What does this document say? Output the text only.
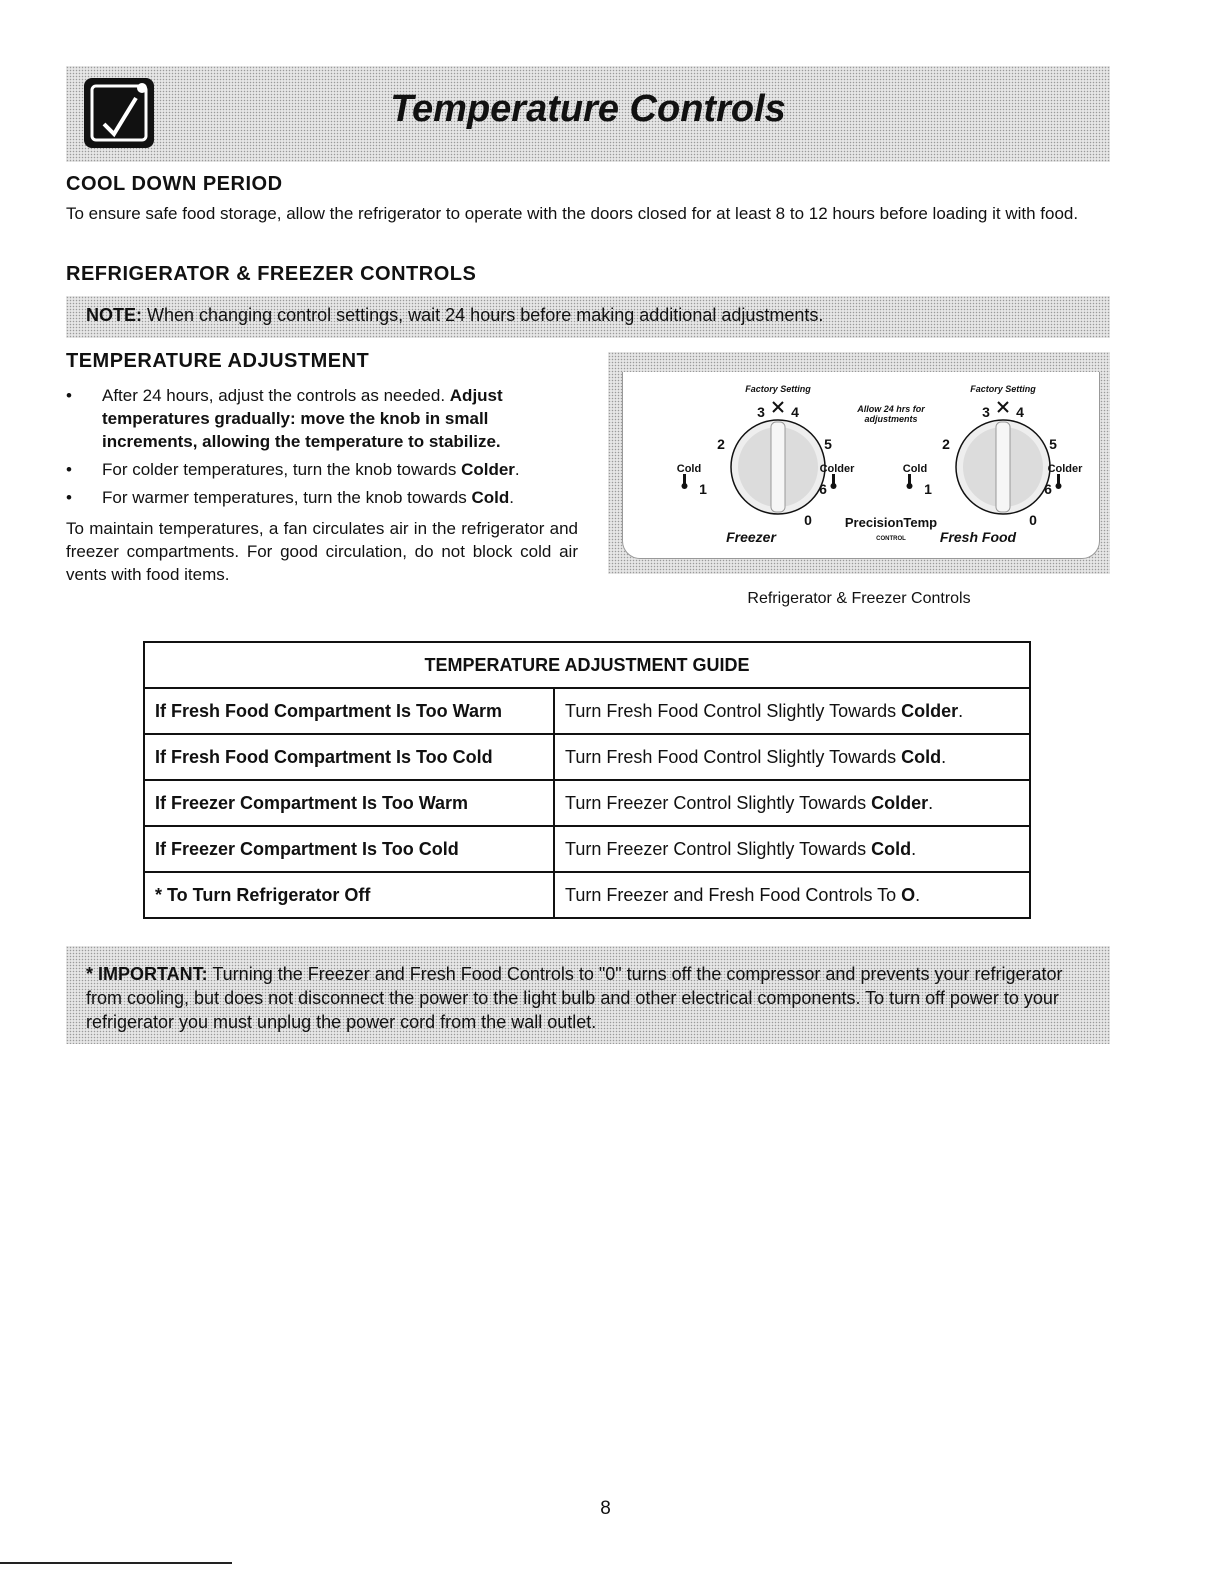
Temperature Controls
COOL DOWN PERIOD

To ensure safe food storage, allow the refrigerator to operate with the doors closed for at least 8 to 12 hours before loading it with food.

REFRIGERATOR & FREEZER CONTROLS
NOTE: When changing control settings, wait 24 hours before making additional adjustments.
TEMPERATURE ADJUSTMENT
• After 24 hours, adjust the controls as needed. Adjust temperatures gradually: move the knob in small increments, allowing the temperature to stabilize.
• For colder temperatures, turn the knob towards Colder.
• For warmer temperatures, turn the knob towards Cold.

To maintain temperatures, a fan circulates air in the refrigerator and freezer compartments. For good circulation, do not block cold air vents with food items.

Factory Setting	Factory Setting
Allow 24 hrs for
adjustments
Cold	Colder	Cold	Colder
Freezer	Fresh Food
PrecisionTemp
CONTROL
3 4
2	5
1	6
0
3 4
2	5
1	6
0
Refrigerator & Freezer Controls
TEMPERATURE ADJUSTMENT GUIDE	
If Fresh Food Compartment Is Too Warm	Turn Fresh Food Control Slightly Towards Colder.
If Fresh Food Compartment Is Too Cold	Turn Fresh Food Control Slightly Towards Cold.
If Freezer Compartment Is Too Warm	Turn Freezer Control Slightly Towards Colder.
If Freezer Compartment Is Too Cold	Turn Freezer Control Slightly Towards Cold.
* To Turn Refrigerator Off	Turn Freezer and Fresh Food Controls To O.
* IMPORTANT: Turning the Freezer and Fresh Food Controls to "0" turns off the compressor and prevents your refrigerator from cooling, but does not disconnect the power to the light bulb and other electrical components. To turn off power to your refrigerator you must unplug the power cord from the wall outlet.
8
